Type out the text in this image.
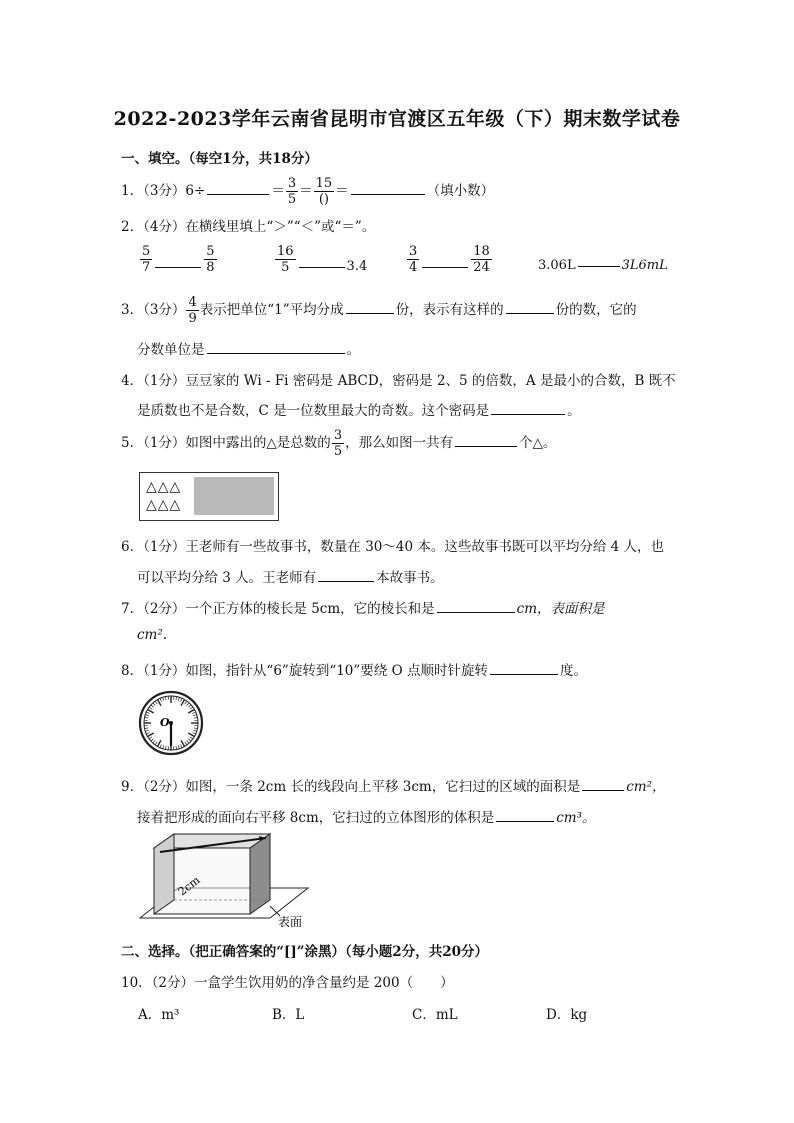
2022-2023学年云南省昆明市官渡区五年级（下）期末数学试卷
一、填空。（每空1分，共18分）
1．（3分）6÷	＝ $\frac{3}{5} = \frac{15}{()}$ ＝	（填小数）
2．（4分）在横线里填上“＞”“＜”或“＝”。
$\frac{5}{7}$	$\frac{5}{8}$	$\frac{16}{5}$	3.4	$\frac{3}{4}$	$\frac{18}{24}$	3.06L	3L6mL
3．（3分） $\frac{4}{9}$ 表示把单位“1”平均分成	份，表示有这样的	份的数，它的
分数单位是	。
4．（1分）豆豆家的 Wi - Fi 密码是 ABCD，密码是 2、5 的倍数，A 是最小的合数，B 既不
是质数也不是合数，C 是一位数里最大的奇数。这个密码是	。
5．（1分）如图中露出的△是总数的 $\frac{3}{5}$ ，那么如图一共有	个△。
△△△
△△△
6．（1分）王老师有一些故事书，数量在 30～40 本。这些故事书既可以平均分给 4 人，也
可以平均分给 3 人。王老师有	本故事书。
7．（2分）一个正方体的棱长是 5cm，它的棱长和是	cm，表面积是
cm².
8．（1分）如图，指针从“6”旋转到“10”要绕 O 点顺时针旋转	度。
O
9．（2分）如图，一条 2cm 长的线段向上平移 3cm，它扫过的区域的面积是	cm²，
接着把形成的面向右平移 8cm，它扫过的立体图形的体积是	cm³。
2cm
表面
二、选择。（把正确答案的“[]”涂黑）（每小题2分，共20分）
10．（2分）一盒学生饮用奶的净含量约是 200（　　）
A．m³	B．L	C．mL	D．kg
